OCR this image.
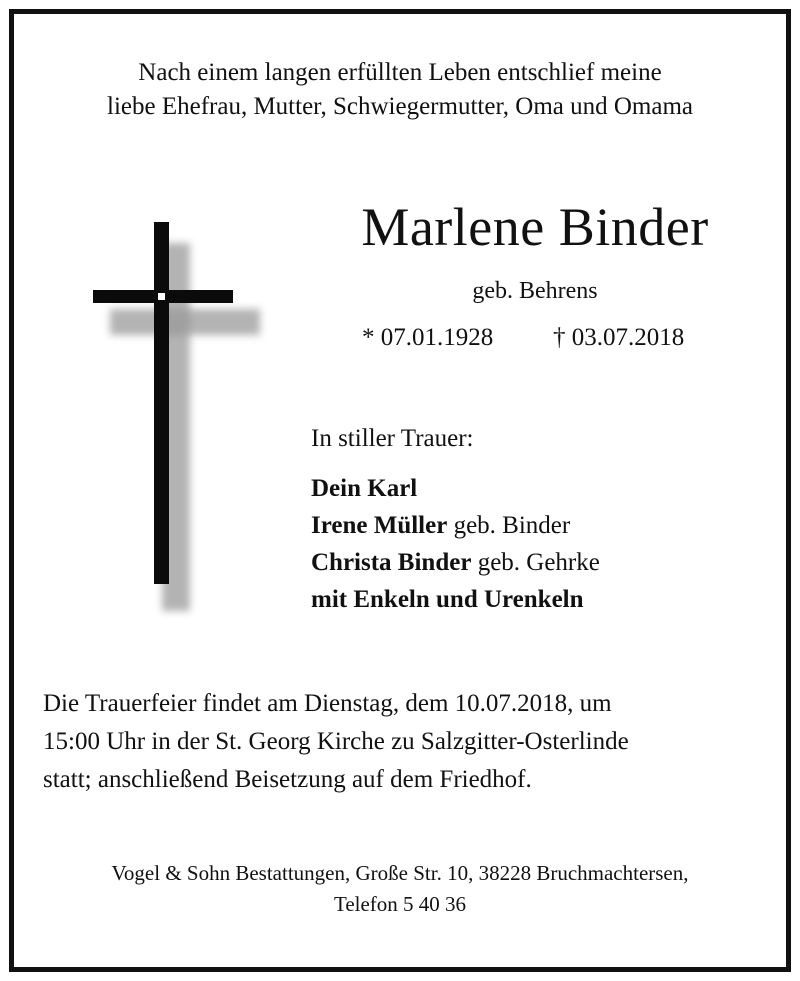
Nach einem langen erfüllten Leben entschlief meine
liebe Ehefrau, Mutter, Schwiegermutter, Oma und Omama
Marlene Binder
geb. Behrens
* 07.01.1928 † 03.07.2018
In stiller Trauer:
Dein Karl
Irene Müller geb. Binder
Christa Binder geb. Gehrke
mit Enkeln und Urenkeln
Die Trauerfeier findet am Dienstag, dem 10.07.2018, um
15:00 Uhr in der St. Georg Kirche zu Salzgitter-Osterlinde
statt; anschließend Beisetzung auf dem Friedhof.
Vogel & Sohn Bestattungen, Große Str. 10, 38228 Bruchmachtersen,
Telefon 5 40 36
